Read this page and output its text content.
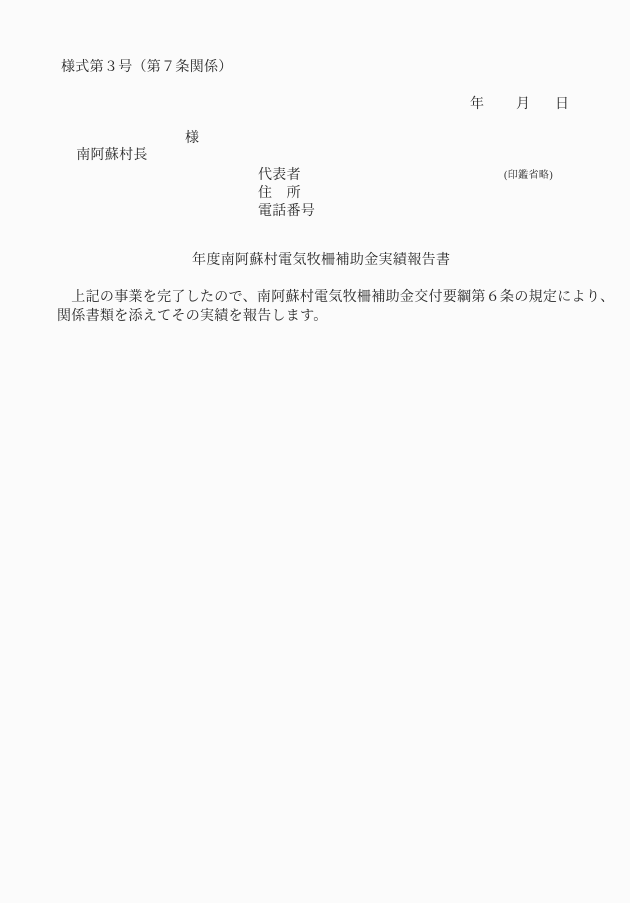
様式第３号（第７条関係）
年 月 日

南阿蘇村長

様

代表者	(印鑑省略)
住　所
電話番号
年度南阿蘇村電気牧柵補助金実績報告書
　上記の事業を完了したので、南阿蘇村電気牧柵補助金交付要綱第６条の規定により、
関係書類を添えてその実績を報告します。
